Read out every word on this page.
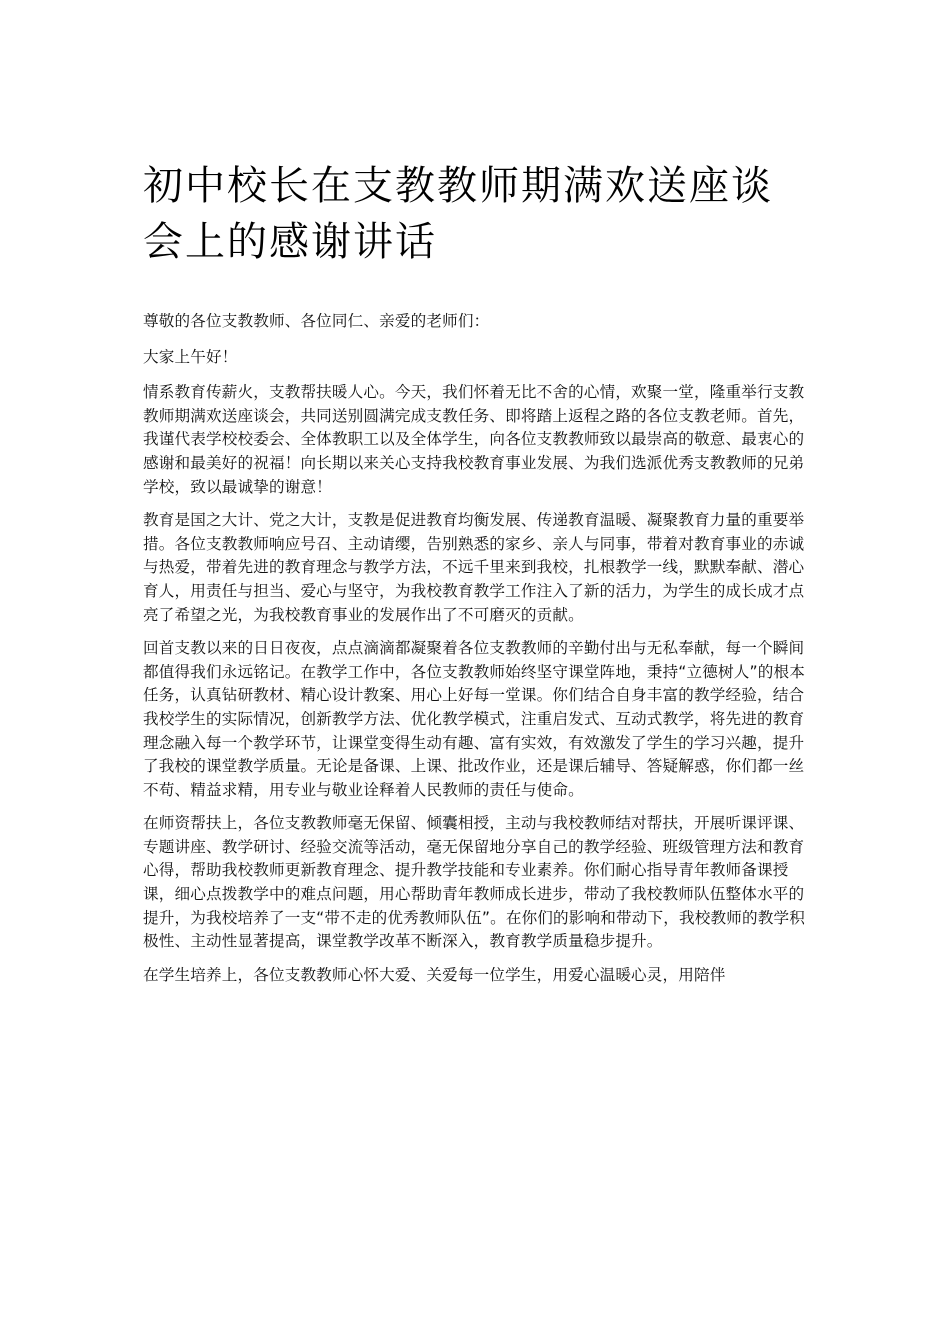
初中校长在支教教师期满欢送座谈会上的感谢讲话

尊敬的各位支教教师、各位同仁、亲爱的老师们：

大家上午好！

情系教育传薪火，支教帮扶暖人心。今天，我们怀着无比不舍的心情，欢聚一堂，隆重举行支教教师期满欢送座谈会，共同送别圆满完成支教任务、即将踏上返程之路的各位支教老师。首先，我谨代表学校校委会、全体教职工以及全体学生，向各位支教教师致以最崇高的敬意、最衷心的感谢和最美好的祝福！向长期以来关心支持我校教育事业发展、为我们选派优秀支教教师的兄弟学校，致以最诚挚的谢意！

教育是国之大计、党之大计，支教是促进教育均衡发展、传递教育温暖、凝聚教育力量的重要举措。各位支教教师响应号召、主动请缨，告别熟悉的家乡、亲人与同事，带着对教育事业的赤诚与热爱，带着先进的教育理念与教学方法，不远千里来到我校，扎根教学一线，默默奉献、潜心育人，用责任与担当、爱心与坚守，为我校教育教学工作注入了新的活力，为学生的成长成才点亮了希望之光，为我校教育事业的发展作出了不可磨灭的贡献。

回首支教以来的日日夜夜，点点滴滴都凝聚着各位支教教师的辛勤付出与无私奉献，每一个瞬间都值得我们永远铭记。在教学工作中，各位支教教师始终坚守课堂阵地，秉持“立德树人”的根本任务，认真钻研教材、精心设计教案、用心上好每一堂课。你们结合自身丰富的教学经验，结合我校学生的实际情况，创新教学方法、优化教学模式，注重启发式、互动式教学，将先进的教育理念融入每一个教学环节，让课堂变得生动有趣、富有实效，有效激发了学生的学习兴趣，提升了我校的课堂教学质量。无论是备课、上课、批改作业，还是课后辅导、答疑解惑，你们都一丝不苟、精益求精，用专业与敬业诠释着人民教师的责任与使命。

在师资帮扶上，各位支教教师毫无保留、倾囊相授，主动与我校教师结对帮扶，开展听课评课、专题讲座、教学研讨、经验交流等活动，毫无保留地分享自己的教学经验、班级管理方法和教育心得，帮助我校教师更新教育理念、提升教学技能和专业素养。你们耐心指导青年教师备课授课，细心点拨教学中的难点问题，用心帮助青年教师成长进步，带动了我校教师队伍整体水平的提升，为我校培养了一支“带不走的优秀教师队伍”。在你们的影响和带动下，我校教师的教学积极性、主动性显著提高，课堂教学改革不断深入，教育教学质量稳步提升。

在学生培养上，各位支教教师心怀大爱、关爱每一位学生，用爱心温暖心灵，用陪伴
